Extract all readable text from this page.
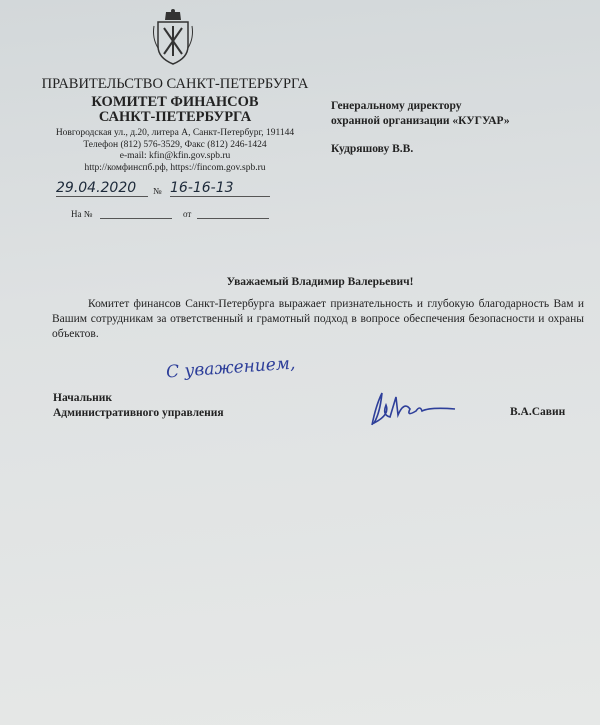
ПРАВИТЕЛЬСТВО САНКТ-ПЕТЕРБУРГА
КОМИТЕТ ФИНАНСОВ
САНКТ-ПЕТЕРБУРГА
Новгородская ул., д.20, литера А, Санкт-Петербург, 191144
Телефон (812) 576-3529, Факс (812) 246-1424
e-mail: kfin@kfin.gov.spb.ru
http://комфинспб.рф, https://fincom.gov.spb.ru
29.04.2020	№ 16-16-13
На №	от
Генеральному директору
охранной организации «КУГУАР»
Кудряшову В.В.
Уважаемый Владимир Валерьевич!
Комитет финансов Санкт-Петербурга выражает признательность и глубокую благодарность Вам и Вашим сотрудникам за ответственный и грамотный подход в вопросе обеспечения безопасности и охраны объектов.
С уважением,
Начальник
Административного управления	В.А.Савин
